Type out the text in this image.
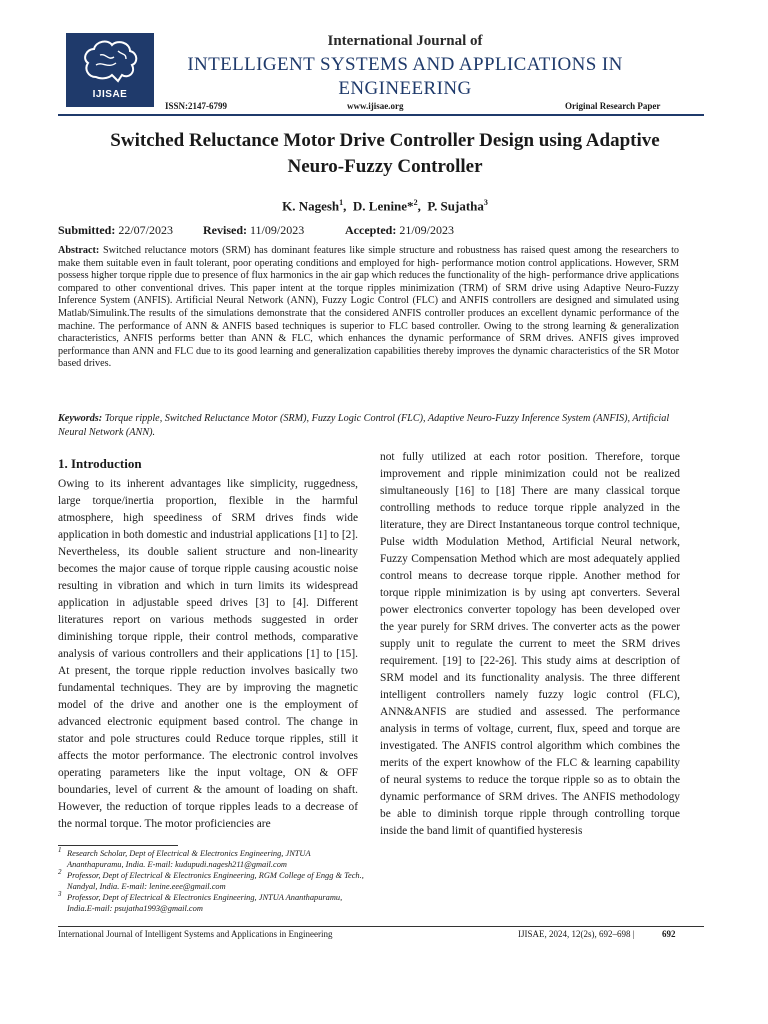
IJISAE
International Journal of
INTELLIGENT SYSTEMS AND APPLICATIONS IN
ENGINEERING
ISSN:2147-6799	www.ijisae.org	Original Research Paper
Switched Reluctance Motor Drive Controller Design using Adaptive
Neuro-Fuzzy Controller
K. Nagesh$^1$,  D. Lenine*$^2$,  P. Sujatha$^3$
Submitted: 22/07/2023 Revised: 11/09/2023	Accepted: 21/09/2023
Abstract: Switched reluctance motors (SRM) has dominant features like simple structure and robustness has raised quest among the researchers to make them suitable even in fault tolerant, poor operating conditions and employed for high- performance motion control applications. However, SRM possess higher torque ripple due to presence of flux harmonics in the air gap which reduces the functionality of the high- performance drive applications compared to other conventional drives. This paper intent at the torque ripples minimization (TRM) of SRM drive using Adaptive Neuro-Fuzzy Inference System (ANFIS). Artificial Neural Network (ANN), Fuzzy Logic Control (FLC) and ANFIS controllers are designed and simulated using Matlab/Simulink.The results of the simulations demonstrate that the considered ANFIS controller produces an excellent dynamic performance of the machine. The performance of ANN & ANFIS based techniques is superior to FLC based controller. Owing to the strong learning & generalization characteristics, ANFIS performs better than ANN & FLC, which enhances the dynamic performance of SRM drives. ANFIS gives improved performance than ANN and FLC due to its good learning and generalization capabilities thereby improves the dynamic characteristics of the SR Motor based drives.
Keywords: Torque ripple, Switched Reluctance Motor (SRM), Fuzzy Logic Control (FLC), Adaptive Neuro-Fuzzy Inference System (ANFIS), Artificial Neural Network (ANN).
1. Introduction
Owing to its inherent advantages like simplicity, ruggedness, large torque/inertia proportion, flexible in the harmful atmosphere, high speediness of SRM drives finds wide application in both domestic and industrial applications [1] to [2]. Nevertheless, its double salient structure and non-linearity becomes the major cause of torque ripple causing acoustic noise resulting in vibration and which in turn limits its widespread application in adjustable speed drives [3] to [4]. Different literatures report on various methods suggested in order diminishing torque ripple, their control methods, comparative analysis of various controllers and their applications [1] to [15]. At present, the torque ripple reduction involves basically two fundamental techniques. They are by improving the magnetic model of the drive and another one is the employment of advanced electronic equipment based control. The change in stator and pole structures could Reduce torque ripples, still it affects the motor performance. The electronic control involves operating parameters like the input voltage, ON & OFF boundaries, level of current & the amount of loading on shaft. However, the reduction of torque ripples leads to a decrease of the normal torque. The motor proficiencies are
not fully utilized at each rotor position. Therefore, torque improvement and ripple minimization could not be realized simultaneously [16] to [18] There are many classical torque controlling methods to reduce torque ripple analyzed in the literature, they are Direct Instantaneous torque control technique, Pulse width Modulation Method, Artificial Neural network, Fuzzy Compensation Method which are most adequately applied control means to decrease torque ripple. Another method for torque ripple minimization is by using apt converters. Several power electronics converter topology has been developed over the year purely for SRM drives. The converter acts as the power supply unit to regulate the current to meet the SRM drives requirement. [19] to [22-26]. This study aims at description of SRM model and its functionality analysis. The three different intelligent controllers namely fuzzy logic control (FLC), ANN&ANFIS are studied and assessed. The performance analysis in terms of voltage, current, flux, speed and torque are investigated. The ANFIS control algorithm which combines the merits of the expert knowhow of the FLC & learning capability of neural systems to reduce the torque ripple so as to obtain the dynamic performance of SRM drives. The ANFIS methodology be able to diminish torque ripple through controlling torque inside the band limit of quantified hysteresis

1 Research Scholar, Dept of Electrical & Electronics Engineering, JNTUA Ananthapuramu, India. E-mail: kudupudi.nagesh211@gmail.com

2 Professor, Dept of Electrical & Electronics Engineering, RGM College of Engg & Tech., Nandyal, India. E-mail: lenine.eee@gmail.com

3 Professor, Dept of Electrical & Electronics Engineering, JNTUA Ananthapuramu, India.E-mail: psujatha1993@gmail.com

International Journal of Intelligent Systems and Applications in Engineering	IJISAE, 2024, 12(2s), 692–698 |	692
